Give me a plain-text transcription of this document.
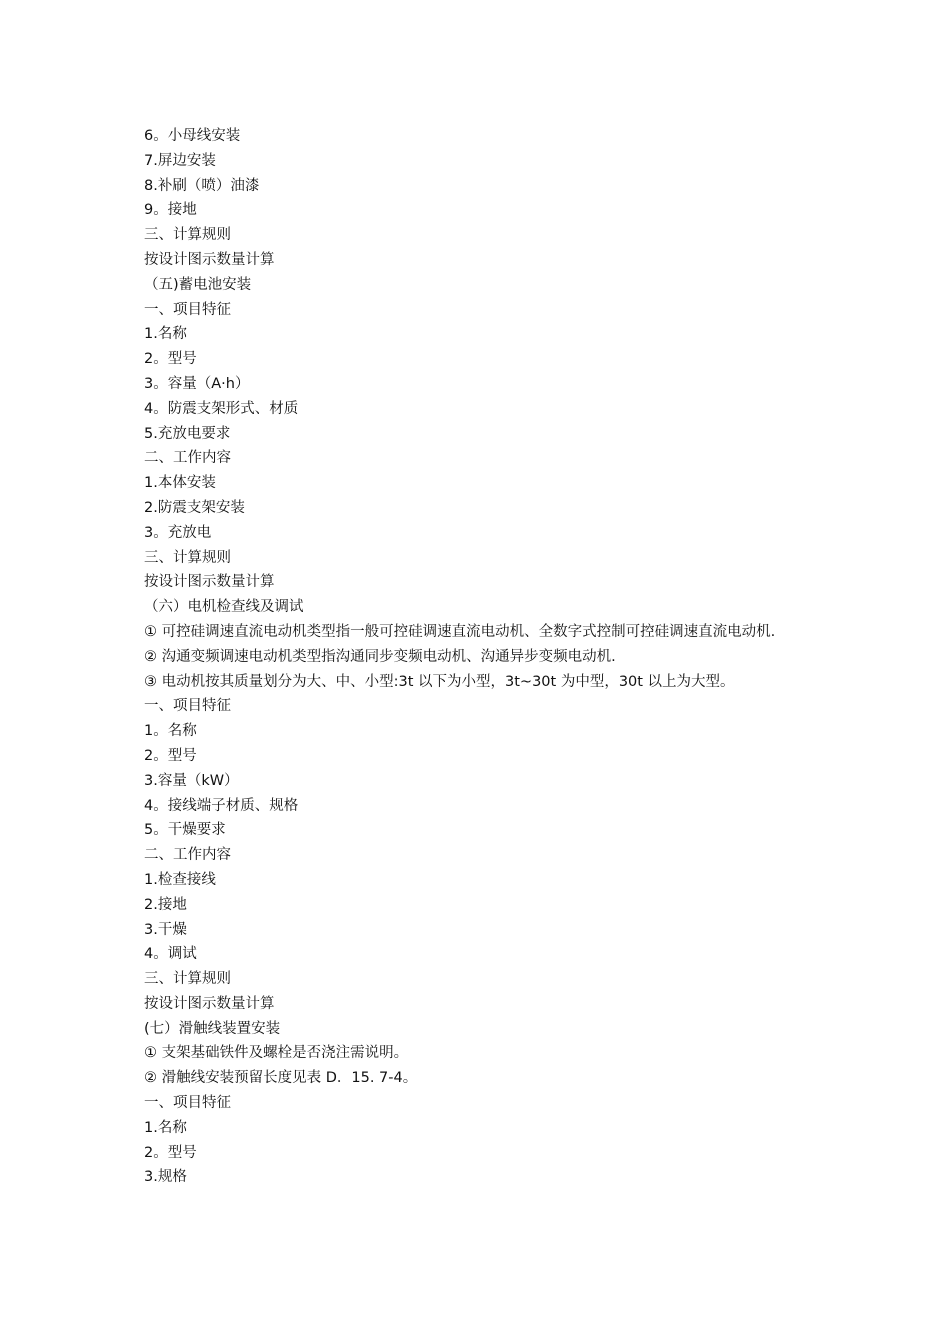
6。小母线安装
7.屏边安装
8.补刷（喷）油漆
9。接地
三、计算规则
按设计图示数量计算
（五)蓄电池安装
一、项目特征
1.名称
2。型号
3。容量（A·h）
4。防震支架形式、材质
5.充放电要求
二、工作内容
1.本体安装
2.防震支架安装
3。充放电
三、计算规则
按设计图示数量计算
（六）电机检查线及调试
① 可控硅调速直流电动机类型指一般可控硅调速直流电动机、全数字式控制可控硅调速直流电动机.
② 沟通变频调速电动机类型指沟通同步变频电动机、沟通异步变频电动机.
③ 电动机按其质量划分为大、中、小型:3t 以下为小型，3t~30t 为中型，30t 以上为大型。
一、项目特征
1。名称
2。型号
3.容量（kW）
4。接线端子材质、规格
5。干燥要求
二、工作内容
1.检查接线
2.接地
3.干燥
4。调试
三、计算规则
按设计图示数量计算
(七）滑触线装置安装
① 支架基础铁件及螺栓是否浇注需说明。
② 滑触线安装预留长度见表 D．15. 7-4。
一、项目特征
1.名称
2。型号
3.规格
